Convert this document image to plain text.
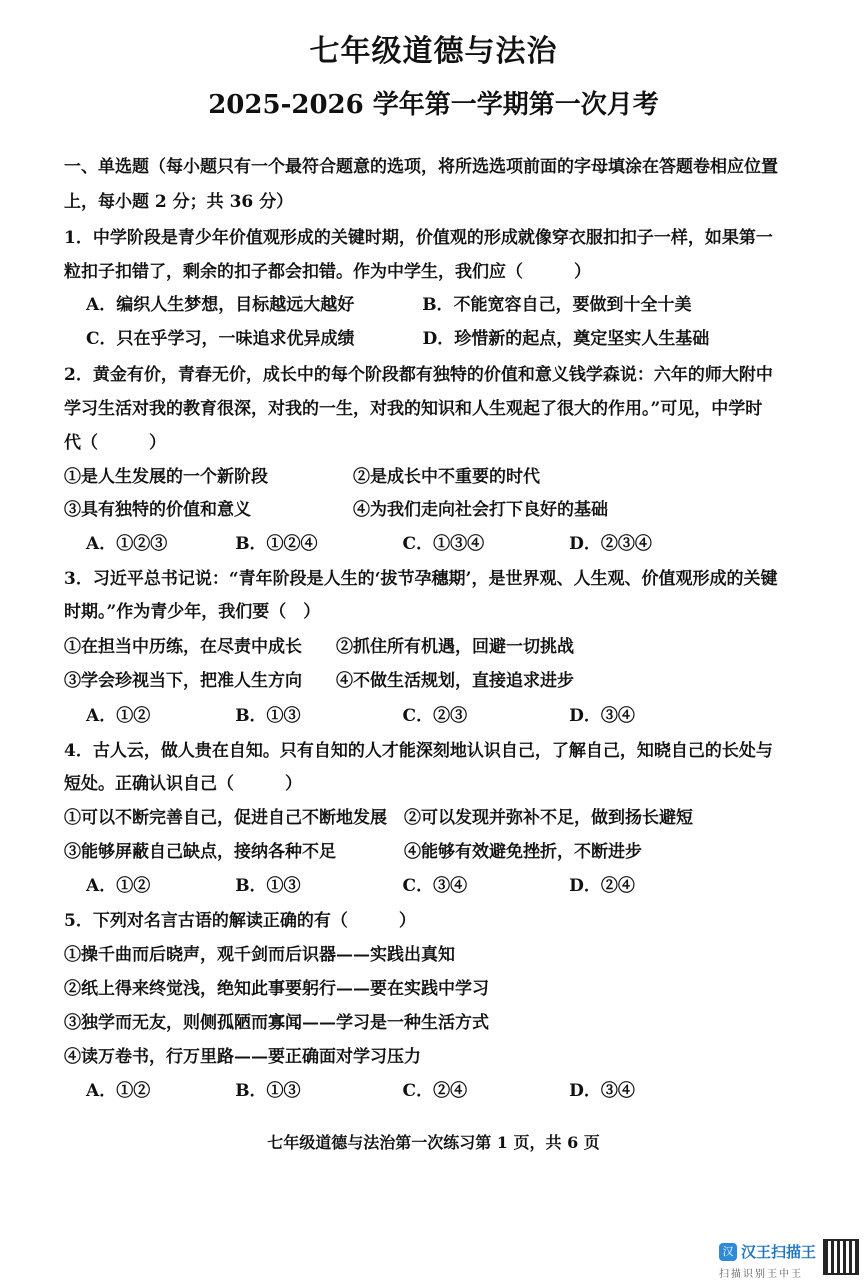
七年级道德与法治
2025-2026 学年第一学期第一次月考
一、单选题（每小题只有一个最符合题意的选项，将所选选项前面的字母填涂在答题卷相应位置
上，每小题 2 分；共 36 分）
1．中学阶段是青少年价值观形成的关键时期，价值观的形成就像穿衣服扣扣子一样，如果第一
粒扣子扣错了，剩余的扣子都会扣错。作为中学生，我们应（　　　）
A．编织人生梦想，目标越远大越好　　　　B．不能宽容自己，要做到十全十美
C．只在乎学习，一味追求优异成绩　　　　D．珍惜新的起点，奠定坚实人生基础
2．黄金有价，青春无价，成长中的每个阶段都有独特的价值和意义钱学森说：六年的师大附中
学习生活对我的教育很深，对我的一生，对我的知识和人生观起了很大的作用。”可见，中学时
代（　　　）
①是人生发展的一个新阶段　　　　　②是成长中不重要的时代
③具有独特的价值和意义　　　　　　④为我们走向社会打下良好的基础
A．①②③　　　　B．①②④　　　　　C．①③④　　　　　D．②③④
3．习近平总书记说：“青年阶段是人生的‘拔节孕穗期’，是世界观、人生观、价值观形成的关键
时期。”作为青少年，我们要（　）
①在担当中历练，在尽责中成长　　②抓住所有机遇，回避一切挑战
③学会珍视当下，把准人生方向　　④不做生活规划，直接追求进步
A．①②　　　　　B．①③　　　　　　C．②③　　　　　　D．③④
4．古人云，做人贵在自知。只有自知的人才能深刻地认识自己，了解自己，知晓自己的长处与
短处。正确认识自己（　　　）
①可以不断完善自己，促进自己不断地发展　②可以发现并弥补不足，做到扬长避短
③能够屏蔽自己缺点，接纳各种不足　　　　④能够有效避免挫折，不断进步
A．①②　　　　　B．①③　　　　　　C．③④　　　　　　D．②④
5．下列对名言古语的解读正确的有（　　　）
①操千曲而后晓声，观千剑而后识器——实践出真知
②纸上得来终觉浅，绝知此事要躬行——要在实践中学习
③独学而无友，则侧孤陋而寡闻——学习是一种生活方式
④读万卷书，行万里路——要正确面对学习压力
A．①②　　　　　B．①③　　　　　　C．②④　　　　　　D．③④
七年级道德与法治第一次练习第 1 页，共 6 页
汉 汉王扫描王
扫描识别王中王
